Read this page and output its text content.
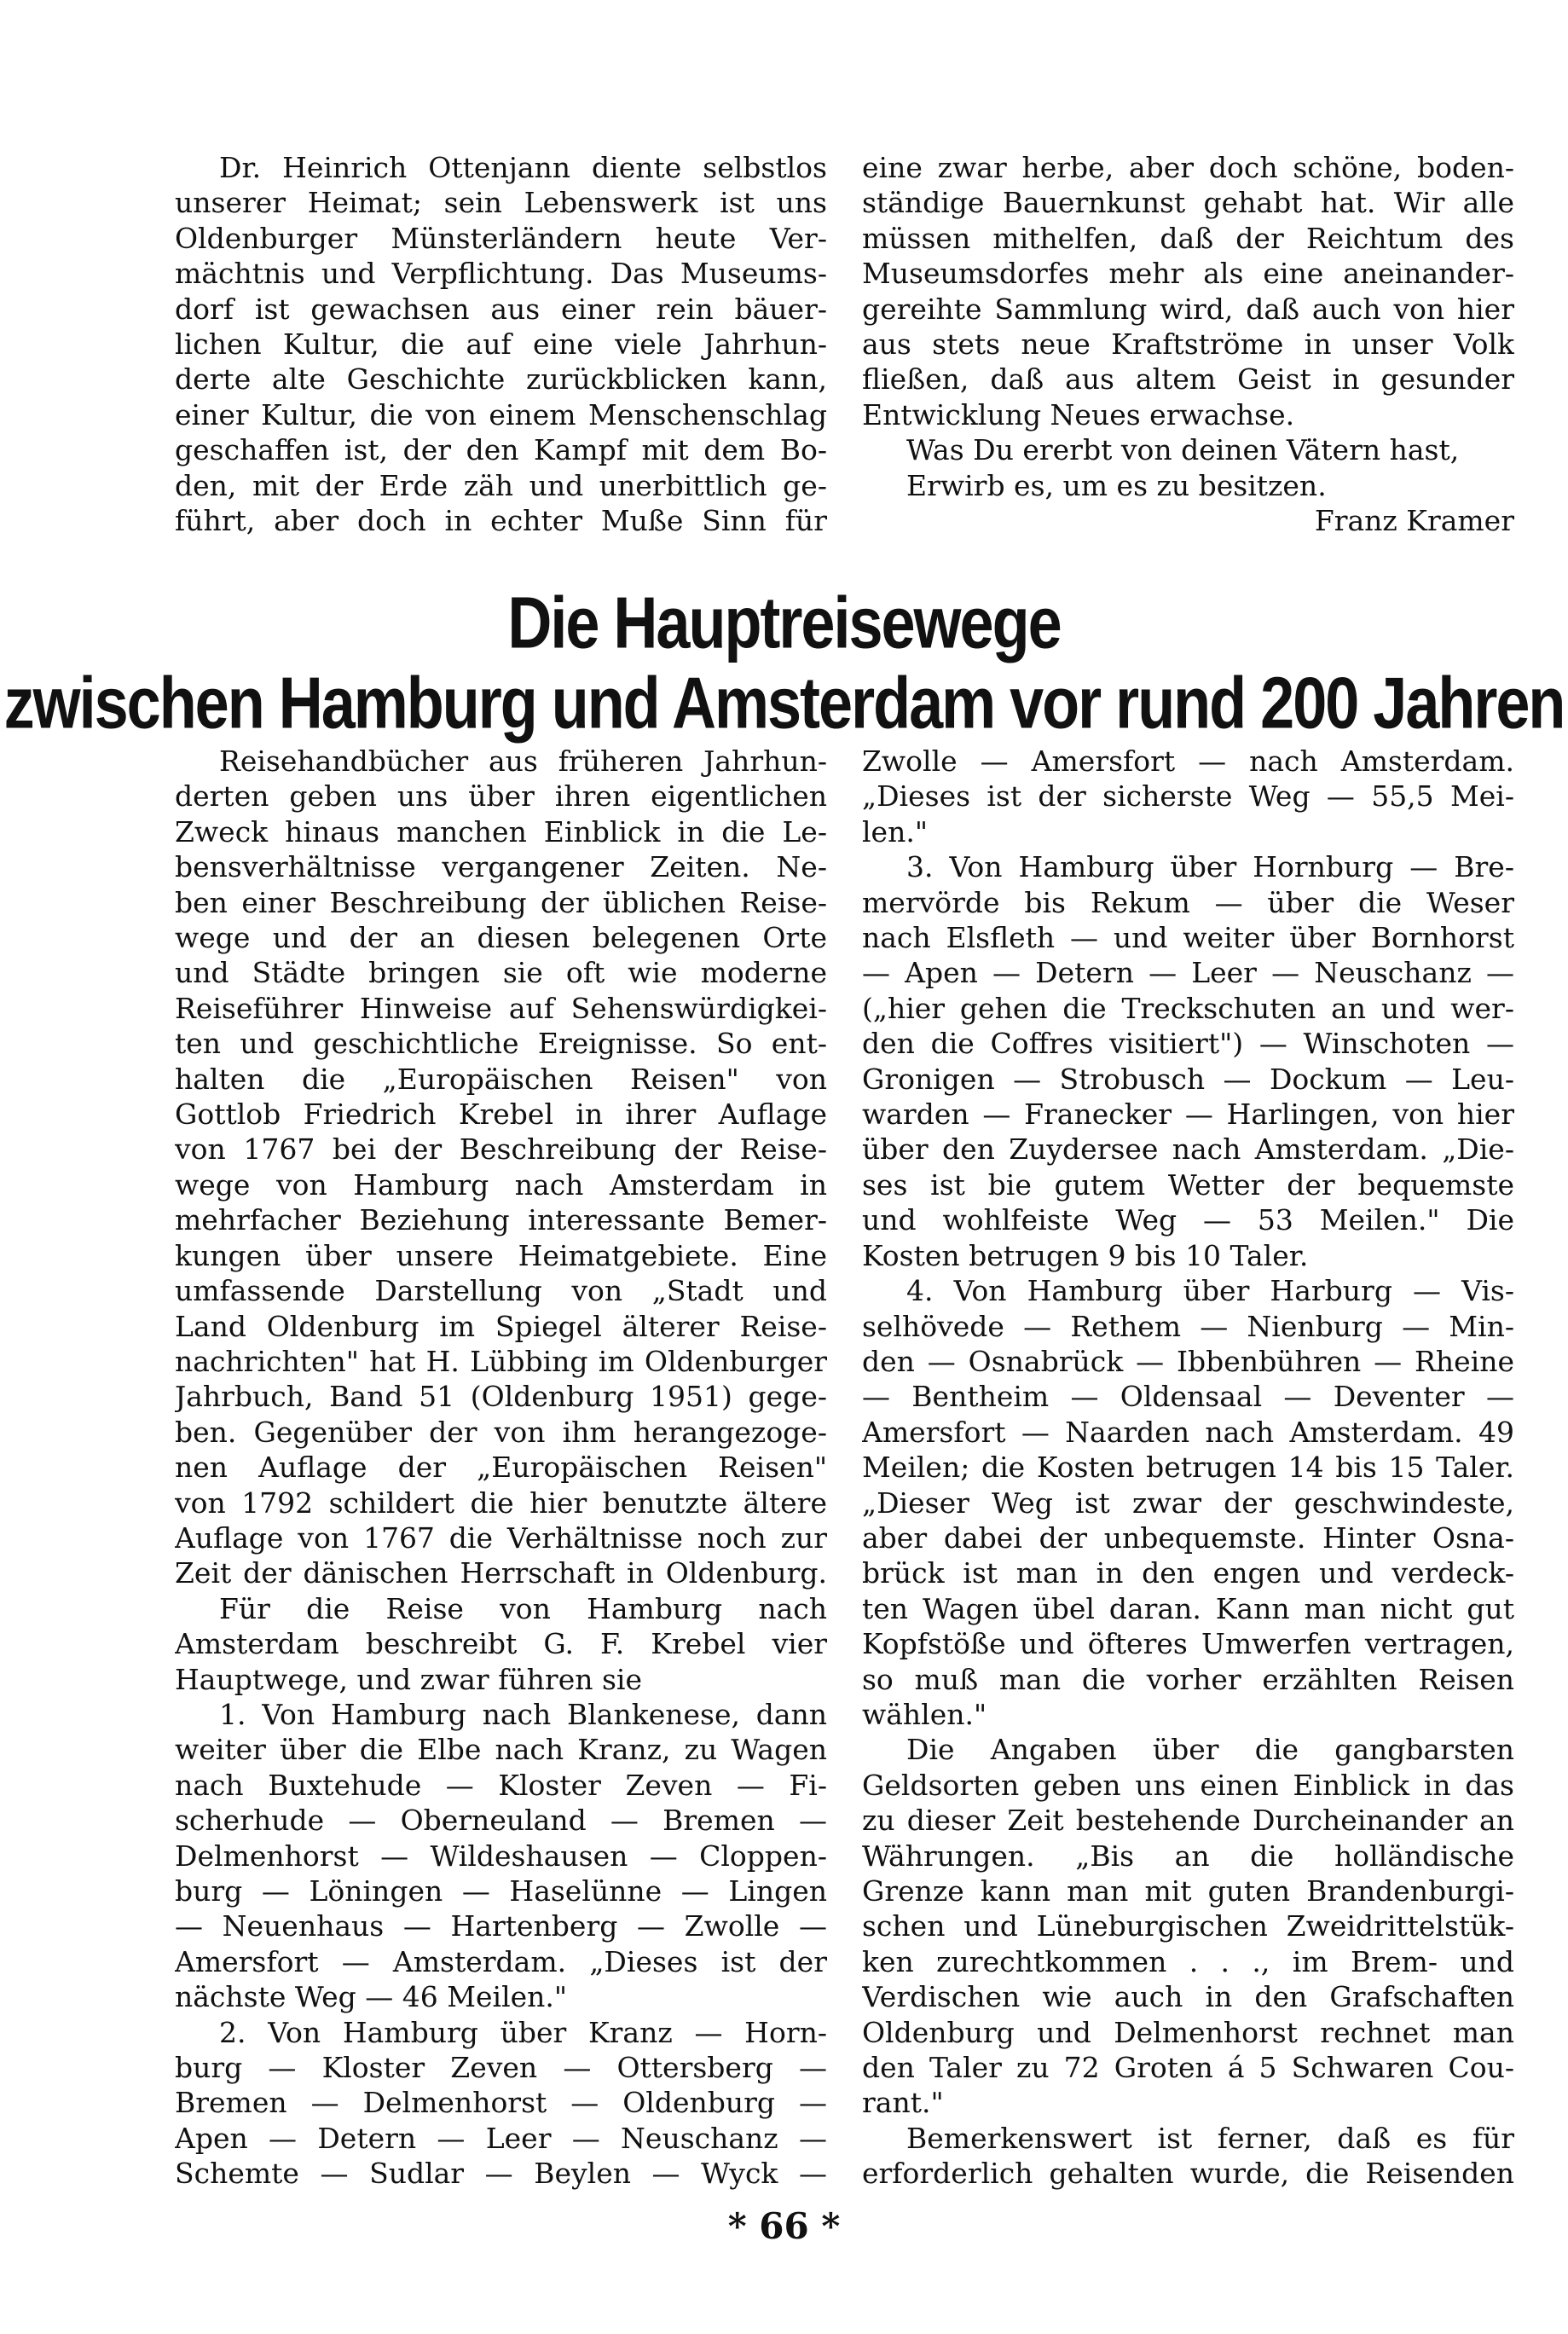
Dr. Heinrich Ottenjann diente selbstlos

unserer Heimat; sein Lebenswerk ist uns

Oldenburger Münsterländern heute Ver-

mächtnis und Verpflichtung. Das Museums-

dorf ist gewachsen aus einer rein bäuer-

lichen Kultur, die auf eine viele Jahrhun-

derte alte Geschichte zurückblicken kann,

einer Kultur, die von einem Menschenschlag

geschaffen ist, der den Kampf mit dem Bo-

den, mit der Erde zäh und unerbittlich ge-

führt, aber doch in echter Muße Sinn für

eine zwar herbe, aber doch schöne, boden-

ständige Bauernkunst gehabt hat. Wir alle

müssen mithelfen, daß der Reichtum des

Museumsdorfes mehr als eine aneinander-

gereihte Sammlung wird, daß auch von hier

aus stets neue Kraftströme in unser Volk

fließen, daß aus altem Geist in gesunder

Entwicklung Neues erwachse.

Was Du ererbt von deinen Vätern hast,

Erwirb es, um es zu besitzen.

Franz Kramer

Die Hauptreisewege
zwischen Hamburg und Amsterdam vor rund 200 Jahren

Reisehandbücher aus früheren Jahrhun-

derten geben uns über ihren eigentlichen

Zweck hinaus manchen Einblick in die Le-

bensverhältnisse vergangener Zeiten. Ne-

ben einer Beschreibung der üblichen Reise-

wege und der an diesen belegenen Orte

und Städte bringen sie oft wie moderne

Reiseführer Hinweise auf Sehenswürdigkei-

ten und geschichtliche Ereignisse. So ent-

halten die „Europäischen Reisen" von

Gottlob Friedrich Krebel in ihrer Auflage

von 1767 bei der Beschreibung der Reise-

wege von Hamburg nach Amsterdam in

mehrfacher Beziehung interessante Bemer-

kungen über unsere Heimatgebiete. Eine

umfassende Darstellung von „Stadt und

Land Oldenburg im Spiegel älterer Reise-

nachrichten" hat H. Lübbing im Oldenburger

Jahrbuch, Band 51 (Oldenburg 1951) gege-

ben. Gegenüber der von ihm herangezoge-

nen Auflage der „Europäischen Reisen"

von 1792 schildert die hier benutzte ältere

Auflage von 1767 die Verhältnisse noch zur

Zeit der dänischen Herrschaft in Oldenburg.

Für die Reise von Hamburg nach

Amsterdam beschreibt G. F. Krebel vier

Hauptwege, und zwar führen sie

1. Von Hamburg nach Blankenese, dann

weiter über die Elbe nach Kranz, zu Wagen

nach Buxtehude — Kloster Zeven — Fi-

scherhude — Oberneuland — Bremen —

Delmenhorst — Wildeshausen — Cloppen-

burg — Löningen — Haselünne — Lingen

— Neuenhaus — Hartenberg — Zwolle —

Amersfort — Amsterdam. „Dieses ist der

nächste Weg — 46 Meilen."

2. Von Hamburg über Kranz — Horn-

burg — Kloster Zeven — Ottersberg —

Bremen — Delmenhorst — Oldenburg —

Apen — Detern — Leer — Neuschanz —

Schemte — Sudlar — Beylen — Wyck —

Zwolle — Amersfort — nach Amsterdam.

„Dieses ist der sicherste Weg — 55,5 Mei-

len."

3. Von Hamburg über Hornburg — Bre-

mervörde bis Rekum — über die Weser

nach Elsfleth — und weiter über Bornhorst

— Apen — Detern — Leer — Neuschanz —

(„hier gehen die Treckschuten an und wer-

den die Coffres visitiert") — Winschoten —

Gronigen — Strobusch — Dockum — Leu-

warden — Franecker — Harlingen, von hier

über den Zuydersee nach Amsterdam. „Die-

ses ist bie gutem Wetter der bequemste

und wohlfeiste Weg — 53 Meilen." Die

Kosten betrugen 9 bis 10 Taler.

4. Von Hamburg über Harburg — Vis-

selhövede — Rethem — Nienburg — Min-

den — Osnabrück — Ibbenbühren — Rheine

— Bentheim — Oldensaal — Deventer —

Amersfort — Naarden nach Amsterdam. 49

Meilen; die Kosten betrugen 14 bis 15 Taler.

„Dieser Weg ist zwar der geschwindeste,

aber dabei der unbequemste. Hinter Osna-

brück ist man in den engen und verdeck-

ten Wagen übel daran. Kann man nicht gut

Kopfstöße und öfteres Umwerfen vertragen,

so muß man die vorher erzählten Reisen

wählen."

Die Angaben über die gangbarsten

Geldsorten geben uns einen Einblick in das

zu dieser Zeit bestehende Durcheinander an

Währungen. „Bis an die holländische

Grenze kann man mit guten Brandenburgi-

schen und Lüneburgischen Zweidrittelstük-

ken zurechtkommen . . ., im Brem- und

Verdischen wie auch in den Grafschaften

Oldenburg und Delmenhorst rechnet man

den Taler zu 72 Groten á 5 Schwaren Cou-

rant."

Bemerkenswert ist ferner, daß es für

erforderlich gehalten wurde, die Reisenden

* 66 *
